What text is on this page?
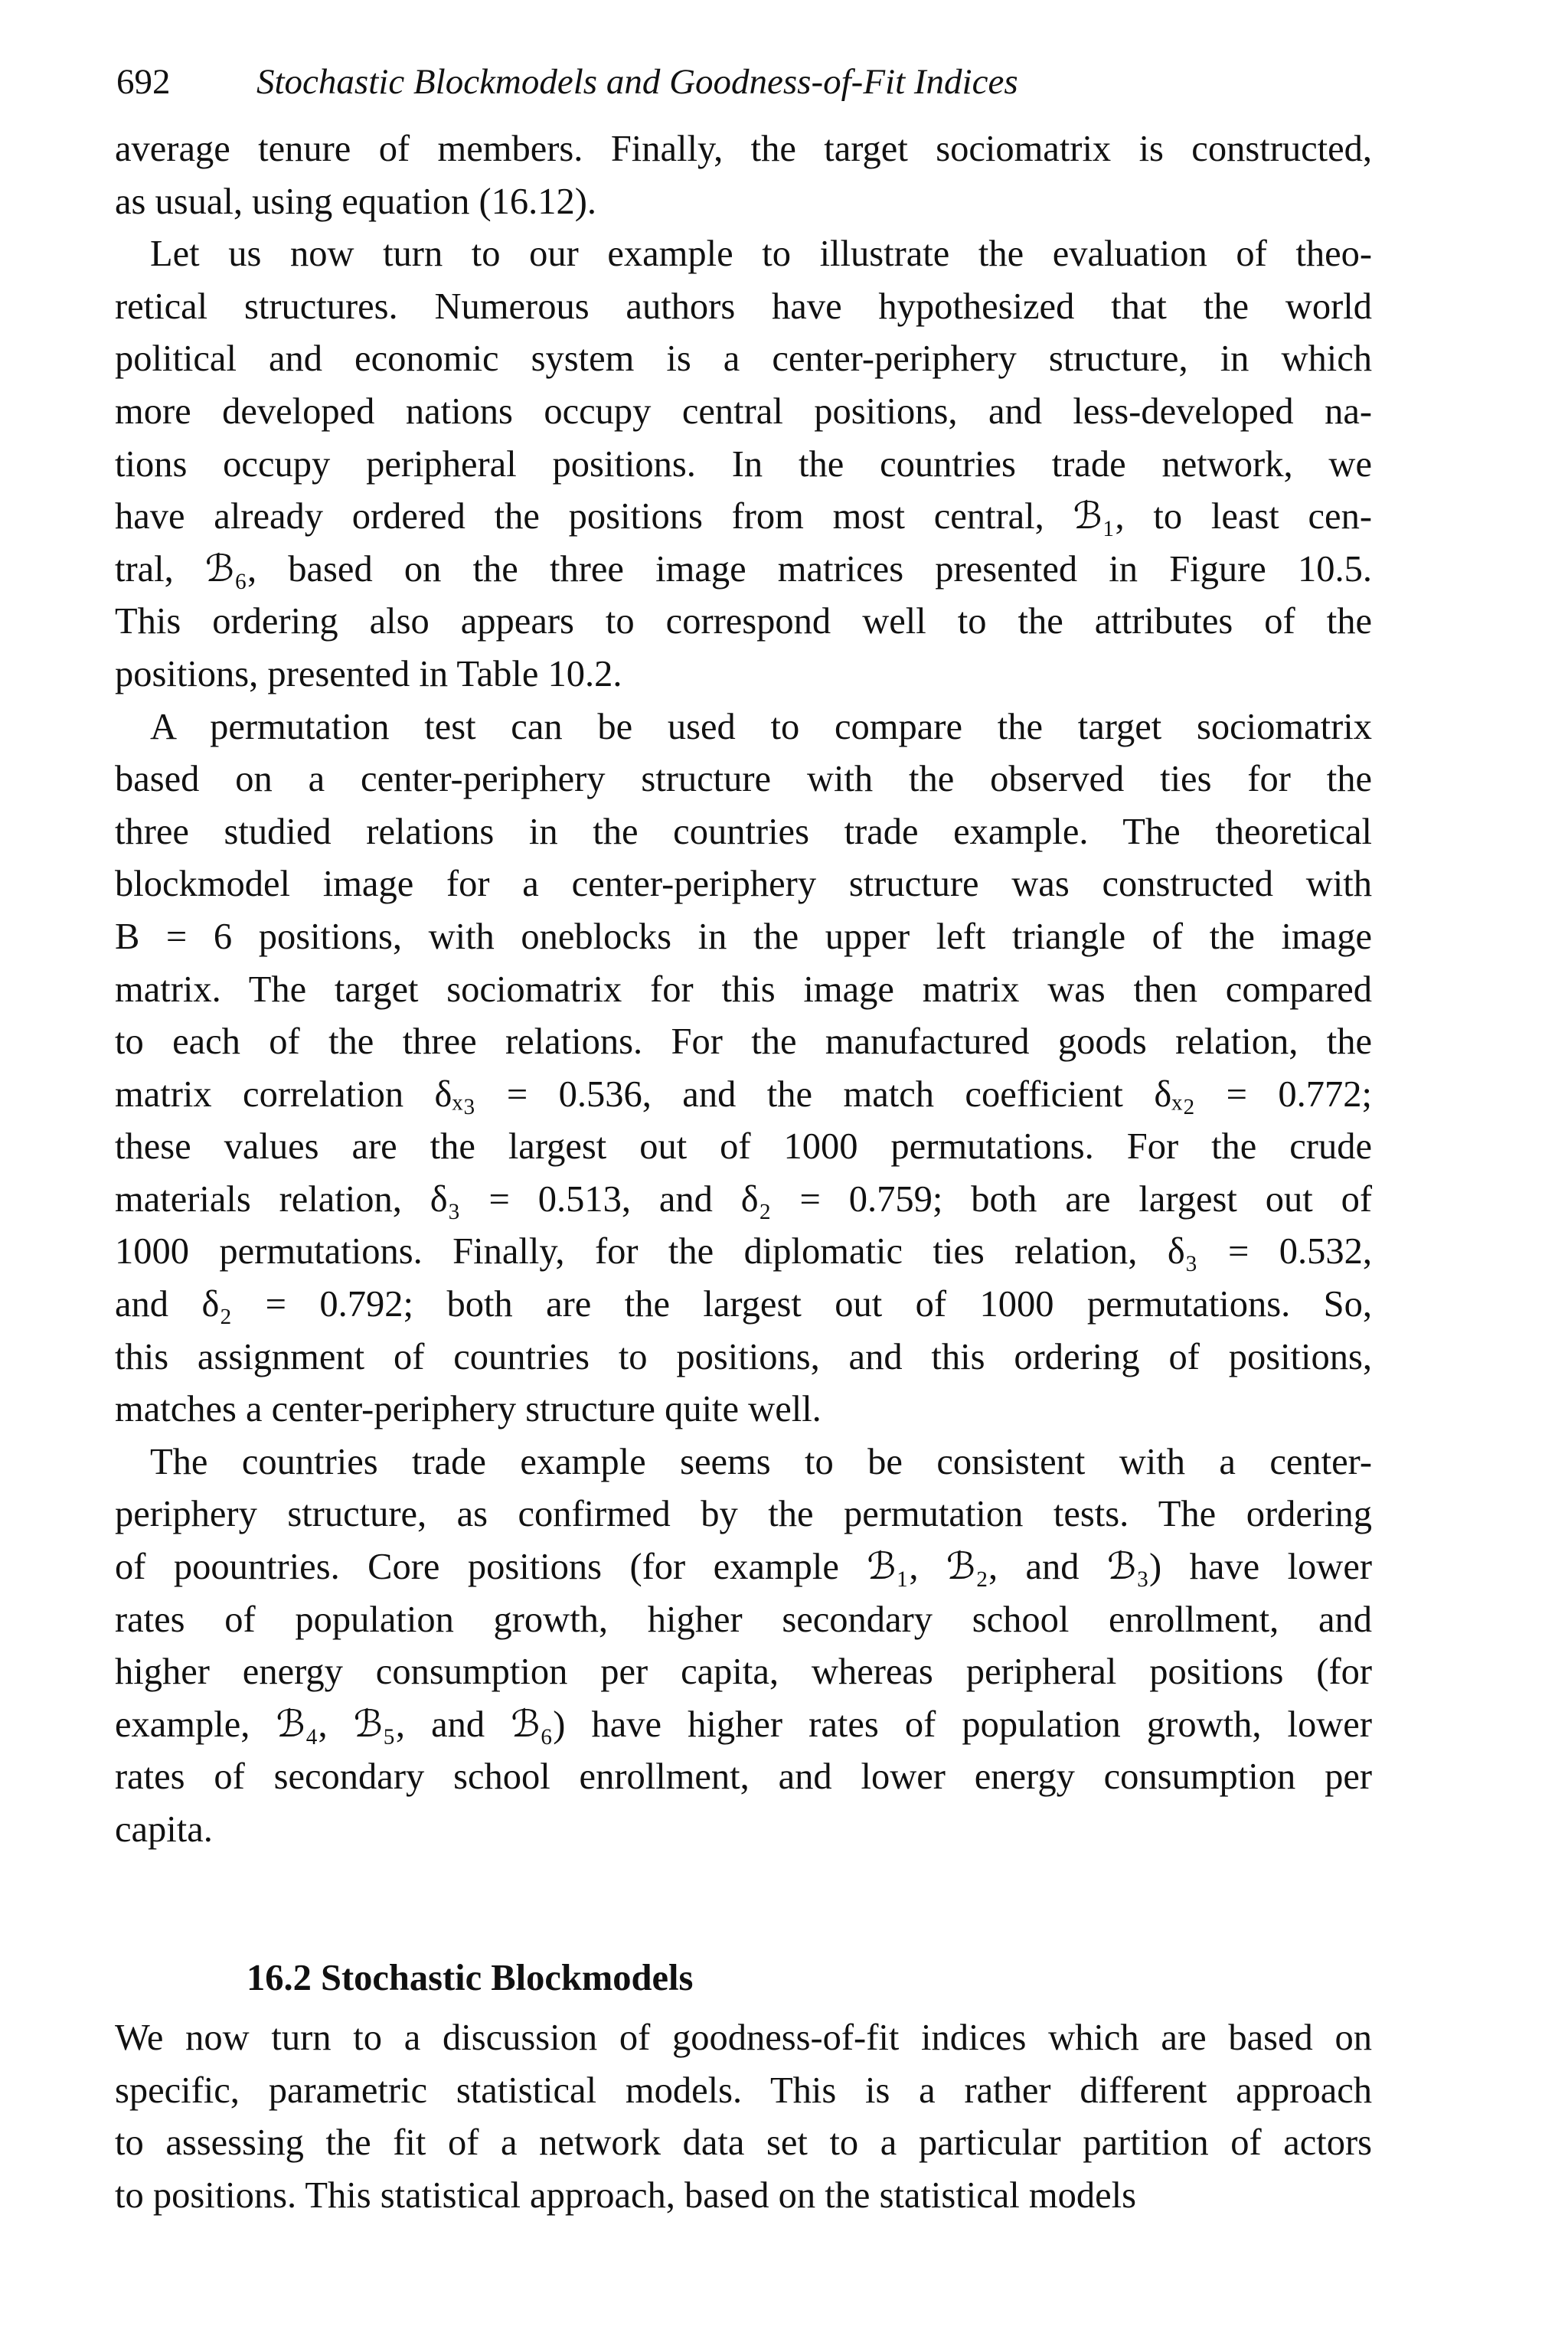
692 Stochastic Blockmodels and Goodness-of-Fit Indices
average tenure of members. Finally, the target sociomatrix is constructed,
as usual, using equation (16.12).
Let us now turn to our example to illustrate the evaluation of theo-
retical structures. Numerous authors have hypothesized that the world
political and economic system is a center-periphery structure, in which
more developed nations occupy central positions, and less-developed na-
tions occupy peripheral positions. In the countries trade network, we
have already ordered the positions from most central, ℬ₁, to least cen-
tral, ℬ₆, based on the three image matrices presented in Figure 10.5.
This ordering also appears to correspond well to the attributes of the
positions, presented in Table 10.2.
A permutation test can be used to compare the target sociomatrix
based on a center-periphery structure with the observed ties for the
three studied relations in the countries trade example. The theoretical
blockmodel image for a center-periphery structure was constructed with
B = 6 positions, with oneblocks in the upper left triangle of the image
matrix. The target sociomatrix for this image matrix was then compared
to each of the three relations. For the manufactured goods relation, the
matrix correlation δₓ₃ = 0.536, and the match coefficient δₓ₂ = 0.772;
these values are the largest out of 1000 permutations. For the crude
materials relation, δ₃ = 0.513, and δ₂ = 0.759; both are largest out of
1000 permutations. Finally, for the diplomatic ties relation, δ₃ = 0.532,
and δ₂ = 0.792; both are the largest out of 1000 permutations. So,
this assignment of countries to positions, and this ordering of positions,
matches a center-periphery structure quite well.
The countries trade example seems to be consistent with a center-
periphery structure, as confirmed by the permutation tests. The ordering
of poountries. Core positions (for example ℬ₁, ℬ₂, and ℬ₃) have lower
rates of population growth, higher secondary school enrollment, and
higher energy consumption per capita, whereas peripheral positions (for
example, ℬ₄, ℬ₅, and ℬ₆) have higher rates of population growth, lower
rates of secondary school enrollment, and lower energy consumption per
capita.
16.2 Stochastic Blockmodels
We now turn to a discussion of goodness-of-fit indices which are based on
specific, parametric statistical models. This is a rather different approach
to assessing the fit of a network data set to a particular partition of actors
to positions. This statistical approach, based on the statistical models
